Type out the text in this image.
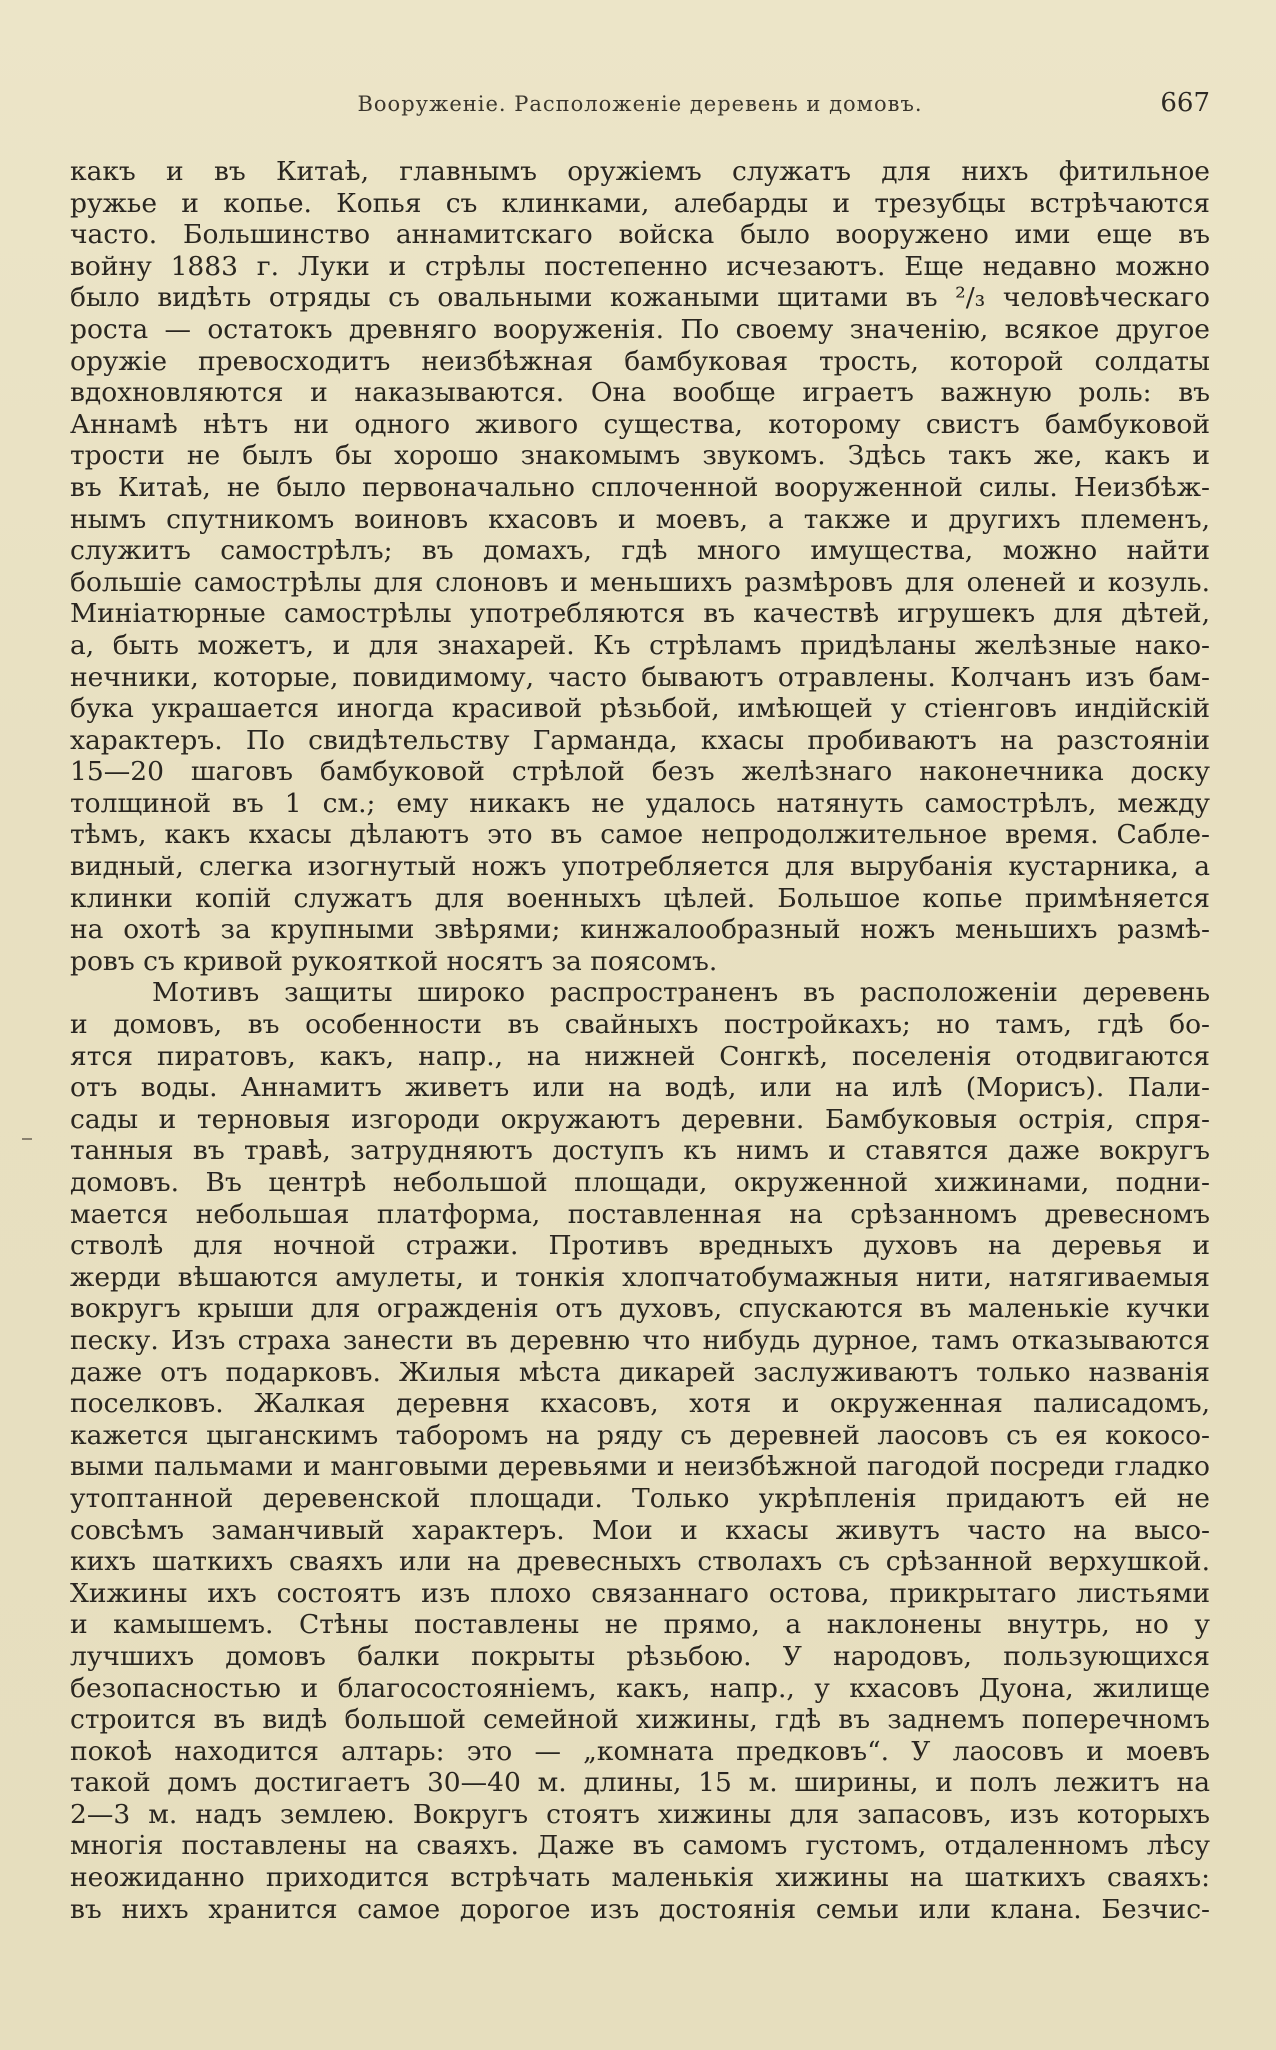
Вооруженіе. Расположеніе деревень и домовъ.	667
какъ и въ Китаѣ, главнымъ оружіемъ служатъ для нихъ фитильное
ружье и копье. Копья съ клинками, алебарды и трезубцы встрѣчаются
часто. Большинство аннамитскаго войска было вооружено ими еще въ
войну 1883 г. Луки и стрѣлы постепенно исчезаютъ. Еще недавно можно
было видѣть отряды съ овальными кожаными щитами въ ²/₃ человѣческаго
роста — остатокъ древняго вооруженія. По своему значенію, всякое другое
оружіе превосходитъ неизбѣжная бамбуковая трость, которой солдаты
вдохновляются и наказываются. Она вообще играетъ важную роль: въ
Аннамѣ нѣтъ ни одного живого существа, которому свистъ бамбуковой
трости не былъ бы хорошо знакомымъ звукомъ. Здѣсь такъ же, какъ и
въ Китаѣ, не было первоначально сплоченной вооруженной силы. Неизбѣж-
нымъ спутникомъ воиновъ кхасовъ и моевъ, а также и другихъ племенъ,
служитъ самострѣлъ; въ домахъ, гдѣ много имущества, можно найти
большіе самострѣлы для слоновъ и меньшихъ размѣровъ для оленей и козуль.
Миніатюрные самострѣлы употребляются въ качествѣ игрушекъ для дѣтей,
а, быть можетъ, и для знахарей. Къ стрѣламъ придѣланы желѣзные нако-
нечники, которые, повидимому, часто бываютъ отравлены. Колчанъ изъ бам-
бука украшается иногда красивой рѣзьбой, имѣющей у стіенговъ индійскій
характеръ. По свидѣтельству Гарманда, кхасы пробиваютъ на разстояніи
15—20 шаговъ бамбуковой стрѣлой безъ желѣзнаго наконечника доску
толщиной въ 1 см.; ему никакъ не удалось натянуть самострѣлъ, между
тѣмъ, какъ кхасы дѣлаютъ это въ самое непродолжительное время. Сабле-
видный, слегка изогнутый ножъ употребляется для вырубанія кустарника, а
клинки копій служатъ для военныхъ цѣлей. Большое копье примѣняется
на охотѣ за крупными звѣрями; кинжалообразный ножъ меньшихъ размѣ-
ровъ съ кривой рукояткой носятъ за поясомъ.
Мотивъ защиты широко распространенъ въ расположеніи деревень
и домовъ, въ особенности въ свайныхъ постройкахъ; но тамъ, гдѣ бо-
ятся пиратовъ, какъ, напр., на нижней Сонгкѣ, поселенія отодвигаются
отъ воды. Аннамитъ живетъ или на водѣ, или на илѣ (Морисъ). Пали-
сады и терновыя изгороди окружаютъ деревни. Бамбуковыя острія, спря-
танныя въ травѣ, затрудняютъ доступъ къ нимъ и ставятся даже вокругъ
домовъ. Въ центрѣ небольшой площади, окруженной хижинами, подни-
мается небольшая платформа, поставленная на срѣзанномъ древесномъ
стволѣ для ночной стражи. Противъ вредныхъ духовъ на деревья и
жерди вѣшаются амулеты, и тонкія хлопчатобумажныя нити, натягиваемыя
вокругъ крыши для огражденія отъ духовъ, спускаются въ маленькіе кучки
песку. Изъ страха занести въ деревню что нибудь дурное, тамъ отказываются
даже отъ подарковъ. Жилыя мѣста дикарей заслуживаютъ только названія
поселковъ. Жалкая деревня кхасовъ, хотя и окруженная палисадомъ,
кажется цыганскимъ таборомъ на ряду съ деревней лаосовъ съ ея кокосо-
выми пальмами и манговыми деревьями и неизбѣжной пагодой посреди гладко
утоптанной деревенской площади. Только укрѣпленія придаютъ ей не
совсѣмъ заманчивый характеръ. Мои и кхасы живутъ часто на высо-
кихъ шаткихъ сваяхъ или на древесныхъ стволахъ съ срѣзанной верхушкой.
Хижины ихъ состоятъ изъ плохо связаннаго остова, прикрытаго листьями
и камышемъ. Стѣны поставлены не прямо, а наклонены внутрь, но у
лучшихъ домовъ балки покрыты рѣзьбою. У народовъ, пользующихся
безопасностью и благосостояніемъ, какъ, напр., у кхасовъ Дуона, жилище
строится въ видѣ большой семейной хижины, гдѣ въ заднемъ поперечномъ
покоѣ находится алтарь: это — „комната предковъ“. У лаосовъ и моевъ
такой домъ достигаетъ 30—40 м. длины, 15 м. ширины, и полъ лежитъ на
2—3 м. надъ землею. Вокругъ стоятъ хижины для запасовъ, изъ которыхъ
многія поставлены на сваяхъ. Даже въ самомъ густомъ, отдаленномъ лѣсу
неожиданно приходится встрѣчать маленькія хижины на шаткихъ сваяхъ:
въ нихъ хранится самое дорогое изъ достоянія семьи или клана. Безчис-
